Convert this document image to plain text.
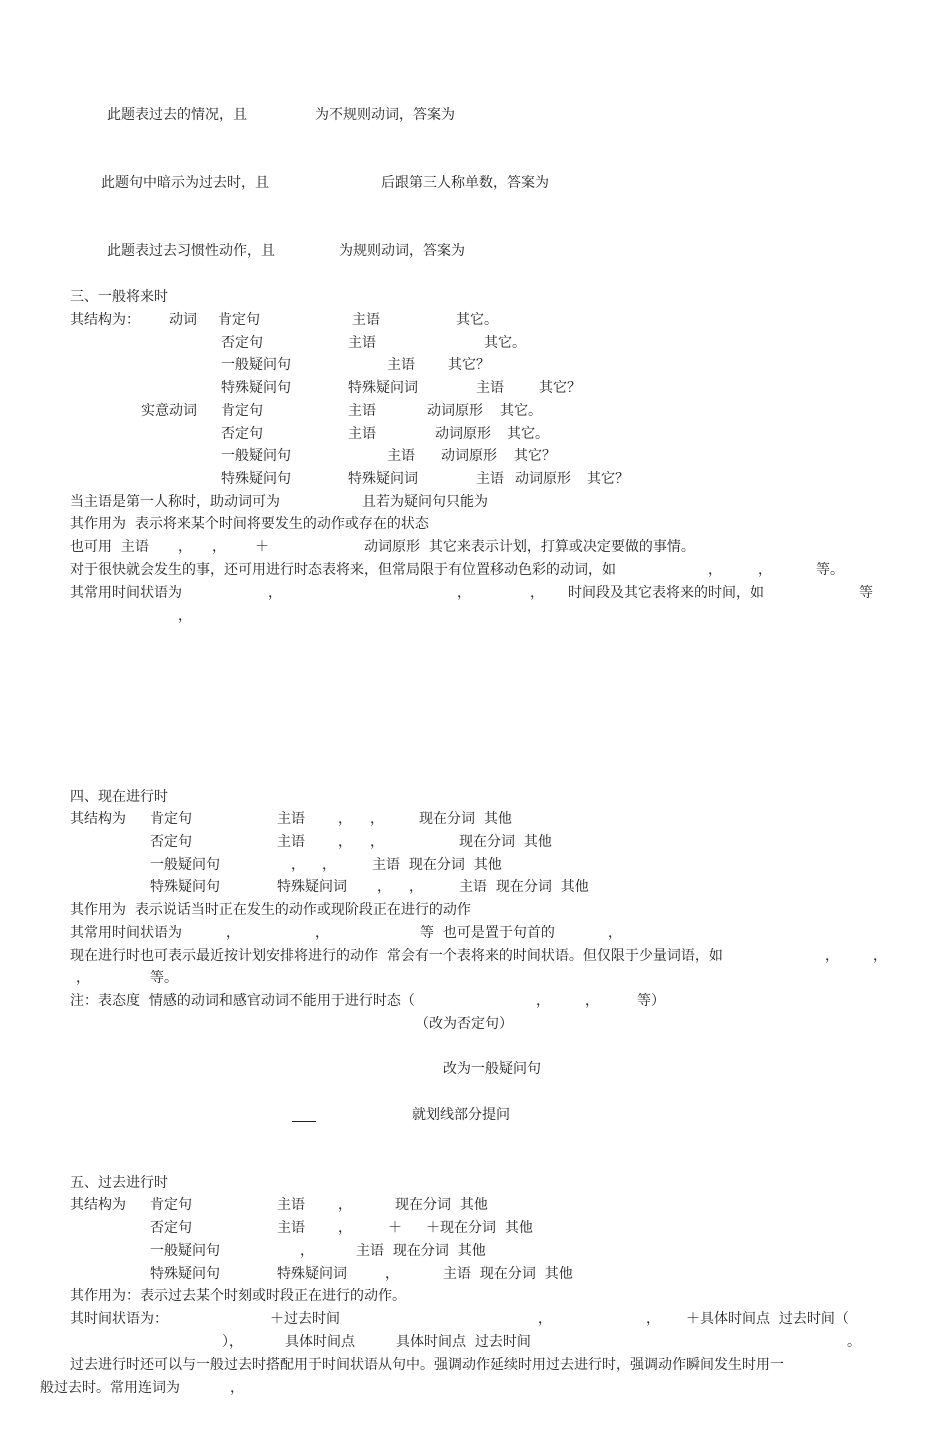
此题表过去的情况，且	为不规则动词，答案为
此题句中暗示为过去时，且	后跟第三人称单数，答案为
此题表过去习惯性动作，且	为规则动词，答案为
三、一般将来时
其结构为： 动词 肯定句	主语	其它。
否定句	主语	其它。
一般疑问句	主语 其它？
特殊疑问句	特殊疑问词	主语	其它？
实意动词 肯定句	主语	动词原形 其它。
否定句	主语	动词原形 其它。
一般疑问句	主语 动词原形 其它？
特殊疑问句	特殊疑问词	主语 动词原形 其它？
当主语是第一人称时，助动词可为	且若为疑问句只能为
其作用为  表示将来某个时间将要发生的动作或存在的状态
也可用  主语 ， ， ＋	动词原形  其它来表示计划，打算或决定要做的事情。
对于很快就会发生的事，还可用进行时态表将来，但常局限于有位置移动色彩的动词，如	，	，	等。
其常用时间状语为	，	，	， 时间段及其它表将来的时间，如	等
，
四、现在进行时
其结构为 肯定句	主语 ， ，	现在分词  其他
否定句	主语 ， ，	现在分词  其他
一般疑问句	， ，	主语  现在分词  其他
特殊疑问句	特殊疑问词 ， ，	主语  现在分词  其他
其作用为  表示说话当时正在发生的动作或现阶段正在进行的动作
其常用时间状语为	，	，	等  也可是置于句首的	，
现在进行时也可表示最近按计划安排将进行的动作  常会有一个表将来的时间状语。但仅限于少量词语，如	， ，
，	等。
注：表态度  情感的动词和感官动词不能用于进行时态（	，	，	等）
（改为否定句）
改为一般疑问句
就划线部分提问
五、过去进行时
其结构为 肯定句	主语 ，	现在分词  其他
否定句	主语 ，	＋ ＋现在分词  其他
一般疑问句	，	主语  现在分词  其他
特殊疑问句	特殊疑问词	，	主语  现在分词  其他
其作用为：表示过去某个时刻或时段正在进行的动作。
其时间状语为：	＋过去时间	，	， ＋具体时间点  过去时间（
），	具体时间点	具体时间点  过去时间	。
过去进行时还可以与一般过去时搭配用于时间状语从句中。强调动作延续时用过去进行时，强调动作瞬间发生时用一
般过去时。常用连词为	，
